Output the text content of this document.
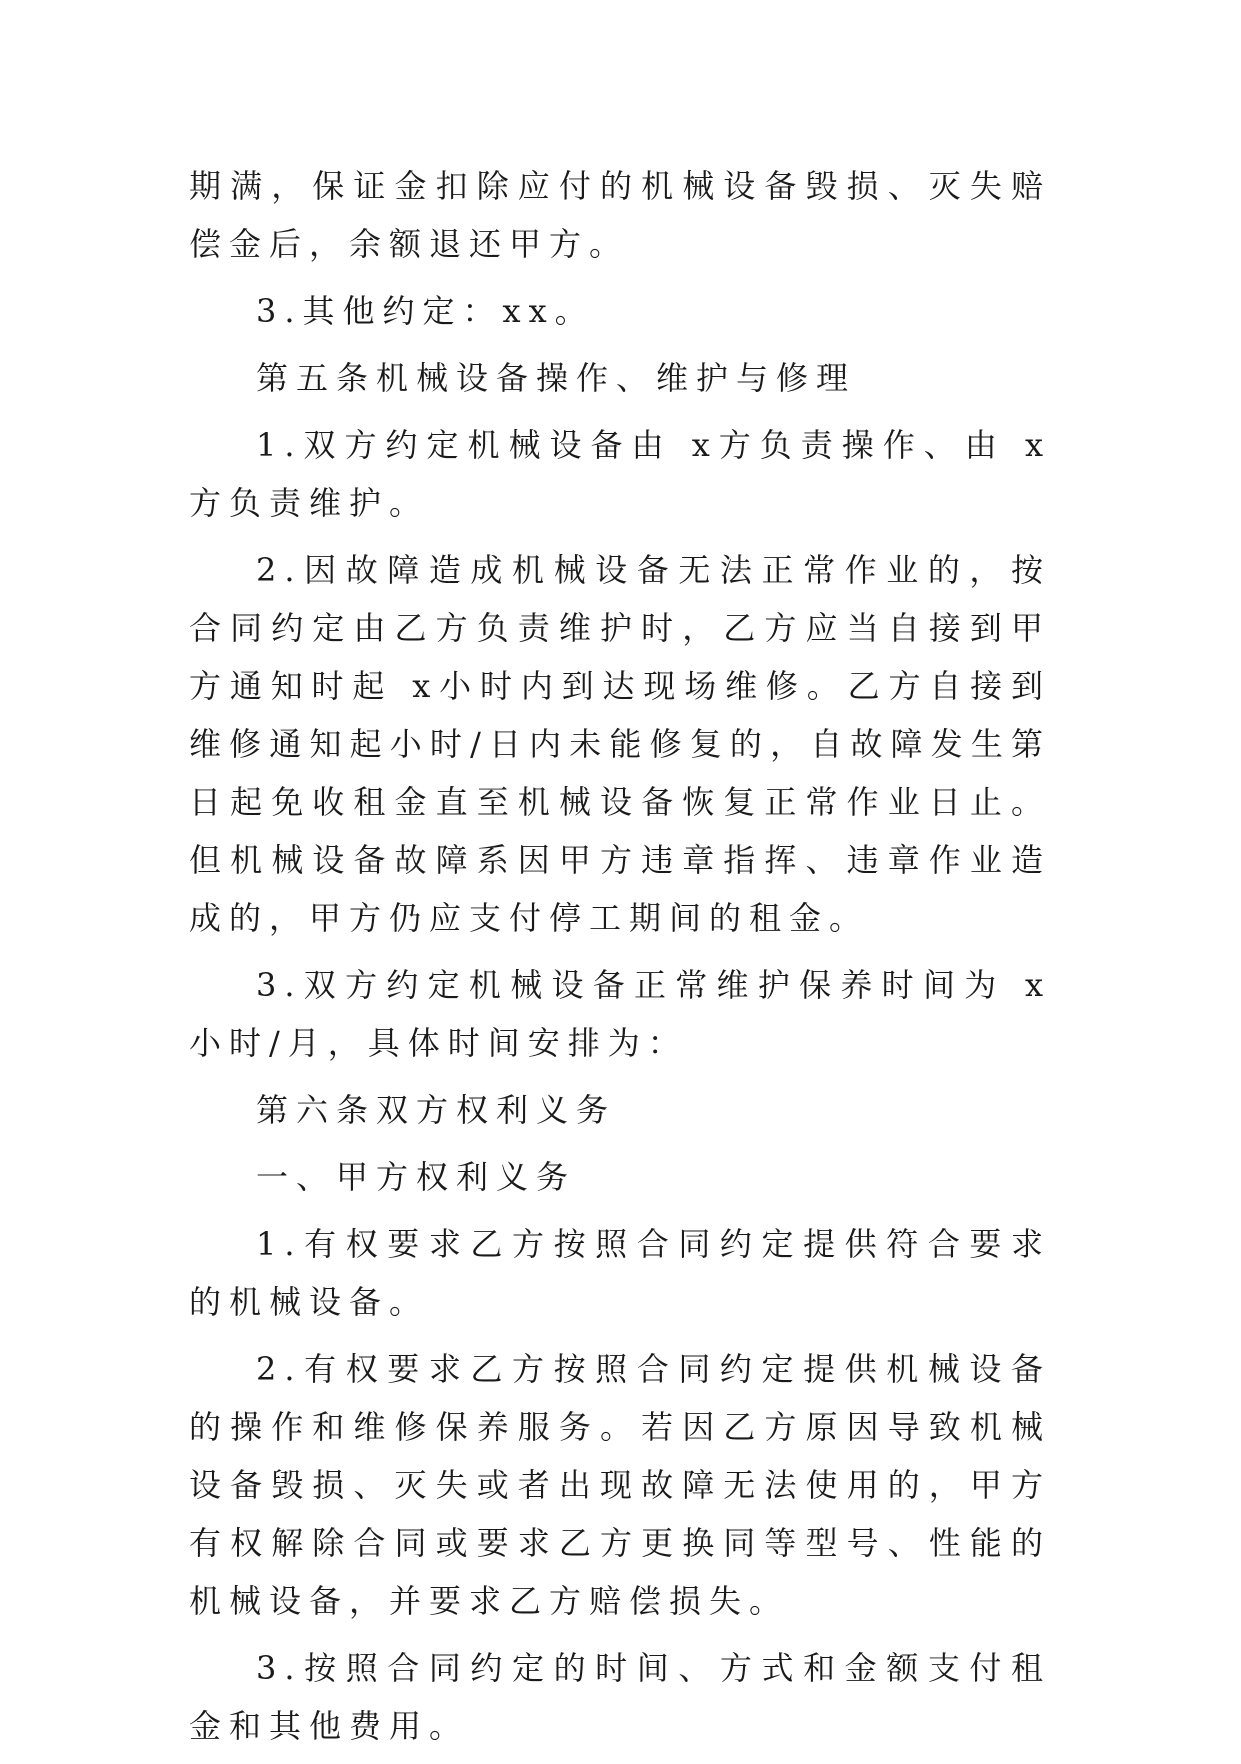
期满，保证金扣除应付的机械设备毁损、灭失赔偿金后，余额退还甲方。

3.其他约定：xx。

第五条机械设备操作、维护与修理

1.双方约定机械设备由 x方负责操作、由 x方负责维护。

2.因故障造成机械设备无法正常作业的，按合同约定由乙方负责维护时，乙方应当自接到甲方通知时起 x小时内到达现场维修。乙方自接到维修通知起小时/日内未能修复的，自故障发生第日起免收租金直至机械设备恢复正常作业日止。但机械设备故障系因甲方违章指挥、违章作业造成的，甲方仍应支付停工期间的租金。

3.双方约定机械设备正常维护保养时间为 x小时/月，具体时间安排为：

第六条双方权利义务

一、甲方权利义务

1.有权要求乙方按照合同约定提供符合要求的机械设备。

2.有权要求乙方按照合同约定提供机械设备的操作和维修保养服务。若因乙方原因导致机械设备毁损、灭失或者出现故障无法使用的，甲方有权解除合同或要求乙方更换同等型号、性能的机械设备，并要求乙方赔偿损失。

3.按照合同约定的时间、方式和金额支付租金和其他费用。
